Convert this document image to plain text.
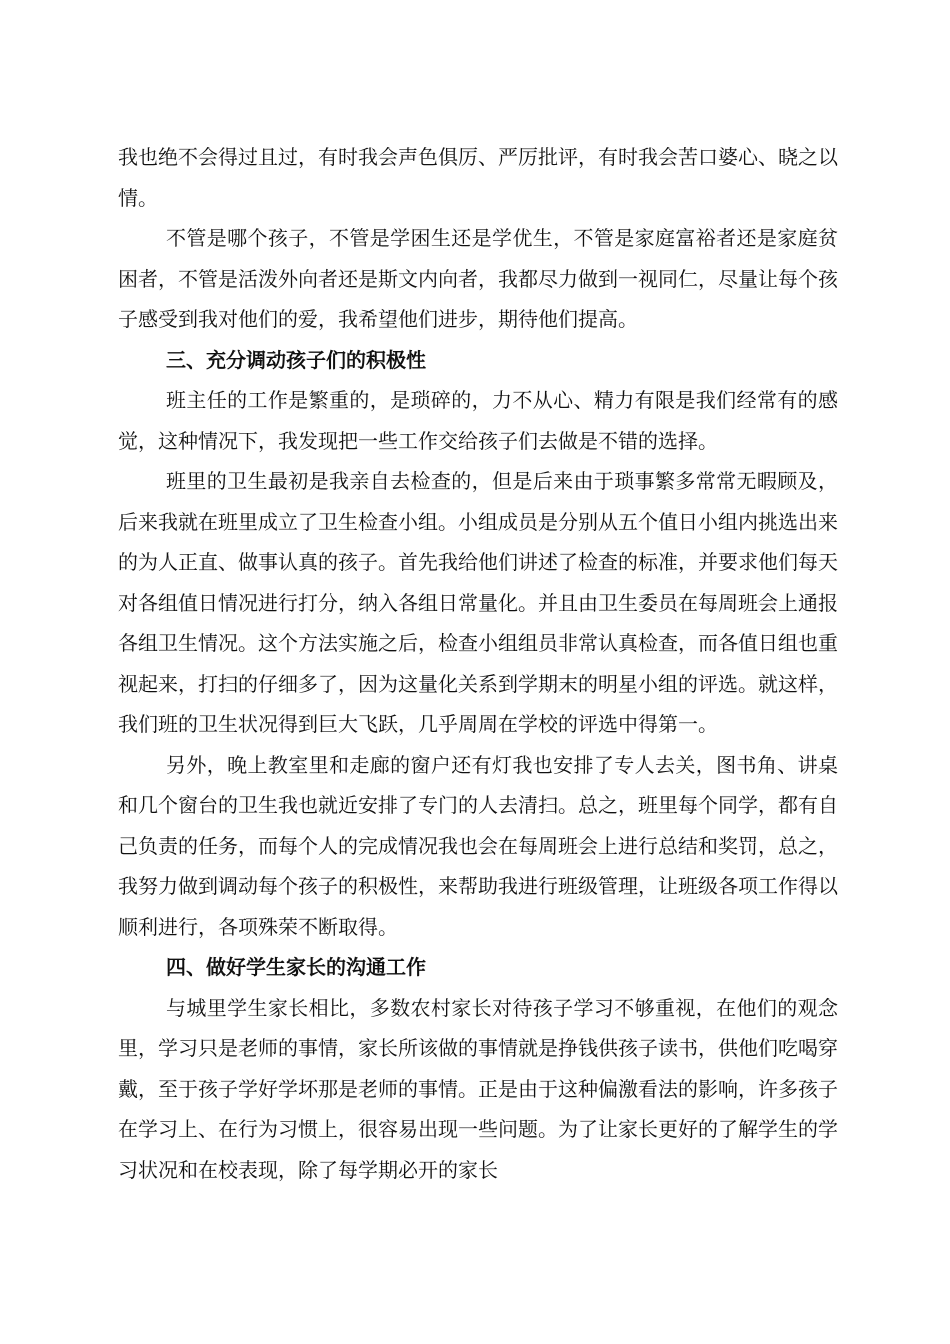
我也绝不会得过且过，有时我会声色俱厉、严厉批评，有时我会苦口婆心、晓之以情。

不管是哪个孩子，不管是学困生还是学优生，不管是家庭富裕者还是家庭贫困者，不管是活泼外向者还是斯文内向者，我都尽力做到一视同仁，尽量让每个孩子感受到我对他们的爱，我希望他们进步，期待他们提高。

三、充分调动孩子们的积极性

班主任的工作是繁重的，是琐碎的，力不从心、精力有限是我们经常有的感觉，这种情况下，我发现把一些工作交给孩子们去做是不错的选择。

班里的卫生最初是我亲自去检查的，但是后来由于琐事繁多常常无暇顾及，后来我就在班里成立了卫生检查小组。小组成员是分别从五个值日小组内挑选出来的为人正直、做事认真的孩子。首先我给他们讲述了检查的标准，并要求他们每天对各组值日情况进行打分，纳入各组日常量化。并且由卫生委员在每周班会上通报各组卫生情况。这个方法实施之后，检查小组组员非常认真检查，而各值日组也重视起来，打扫的仔细多了，因为这量化关系到学期末的明星小组的评选。就这样，我们班的卫生状况得到巨大飞跃，几乎周周在学校的评选中得第一。

另外，晚上教室里和走廊的窗户还有灯我也安排了专人去关，图书角、讲桌和几个窗台的卫生我也就近安排了专门的人去清扫。总之，班里每个同学，都有自己负责的任务，而每个人的完成情况我也会在每周班会上进行总结和奖罚，总之，我努力做到调动每个孩子的积极性，来帮助我进行班级管理，让班级各项工作得以顺利进行，各项殊荣不断取得。

四、做好学生家长的沟通工作

与城里学生家长相比，多数农村家长对待孩子学习不够重视，在他们的观念里，学习只是老师的事情，家长所该做的事情就是挣钱供孩子读书，供他们吃喝穿戴，至于孩子学好学坏那是老师的事情。正是由于这种偏激看法的影响，许多孩子在学习上、在行为习惯上，很容易出现一些问题。为了让家长更好的了解学生的学习状况和在校表现，除了每学期必开的家长
